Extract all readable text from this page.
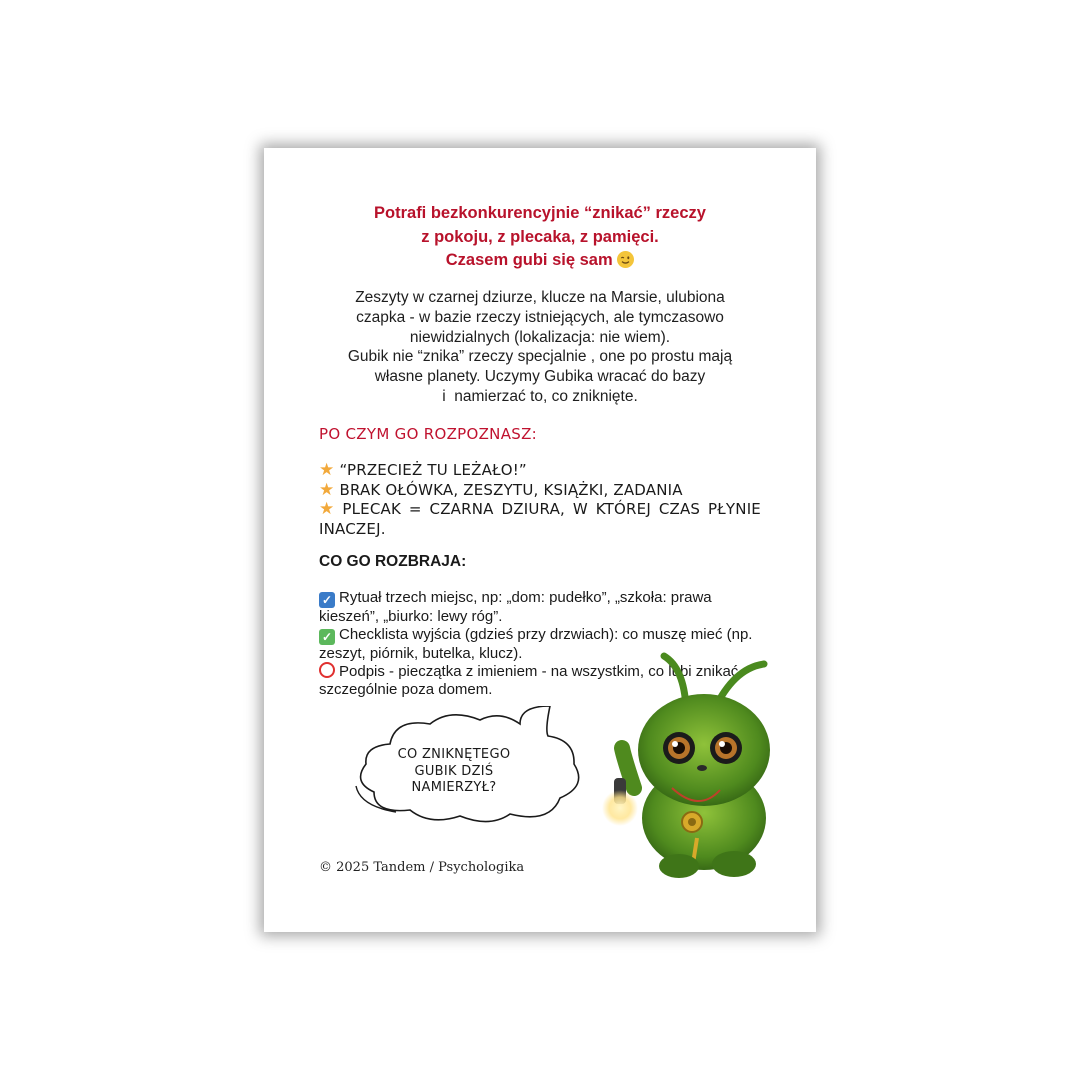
Potrafi bezkonkurencyjnie “znikać” rzeczy
z pokoju, z plecaka, z pamięci.
Czasem gubi się sam
Zeszyty w czarnej dziurze, klucze na Marsie, ulubiona
czapka - w bazie rzeczy istniejących, ale tymczasowo
niewidzialnych (lokalizacja: nie wiem).
Gubik nie “znika” rzeczy specjalnie , one po prostu mają
własne planety. Uczymy Gubika wracać do bazy
i  namierzać to, co zniknięte.
PO CZYM GO ROZPOZNASZ:
★ “PRZECIEŻ TU LEŻAŁO!”
★ BRAK OŁÓWKA, ZESZYTU, KSIĄŻKI, ZADANIA
★ PLECAK = CZARNA DZIURA, W KTÓREJ CZAS PŁYNIE INACZEJ.
CO GO ROZBRAJA:
✓ Rytuał trzech miejsc, np: „dom: pudełko”, „szkoła: prawa kieszeń”, „biurko: lewy róg”.
✓ Checklista wyjścia (gdzieś przy drzwiach): co muszę mieć (np. zeszyt, piórnik, butelka, klucz).
Podpis - pieczątka z imieniem - na wszystkim, co lubi znikać, szczególnie poza domem.
CO ZNIKNĘTEGO
GUBIK DZIŚ
NAMIERZYŁ?
© 2025 Tandem / Psychologika
